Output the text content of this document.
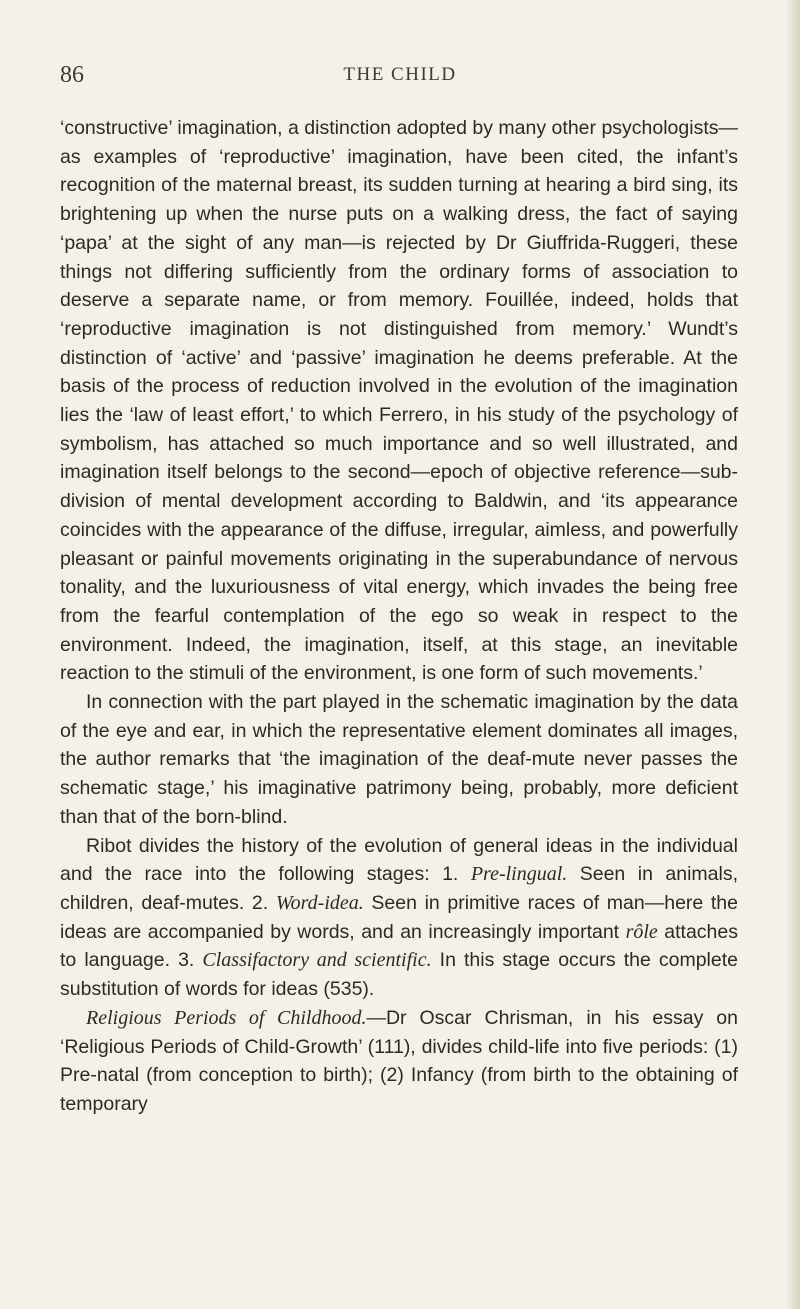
86	THE CHILD

‘constructive’ imagination, a distinction adopted by many other psychologists—as examples of ‘reproductive’ imagination, have been cited, the infant’s recognition of the maternal breast, its sudden turning at hearing a bird sing, its brightening up when the nurse puts on a walking dress, the fact of saying ‘papa’ at the sight of any man—is rejected by Dr Giuffrida-Ruggeri, these things not differing sufficiently from the ordinary forms of association to deserve a separate name, or from memory. Fouillée, indeed, holds that ‘reproductive imagination is not distinguished from memory.’ Wundt’s distinction of ‘active’ and ‘passive’ imagination he deems preferable. At the basis of the process of reduction involved in the evolution of the imagination lies the ‘law of least effort,’ to which Ferrero, in his study of the psychology of symbolism, has attached so much importance and so well illustrated, and imagination itself belongs to the second—epoch of objective reference—sub-division of mental development according to Baldwin, and ‘its appearance coincides with the appearance of the diffuse, irregular, aimless, and powerfully pleasant or painful movements originating in the superabundance of nervous tonality, and the luxuriousness of vital energy, which invades the being free from the fearful contemplation of the ego so weak in respect to the environment. Indeed, the imagination, itself, at this stage, an inevitable reaction to the stimuli of the environment, is one form of such movements.’

In connection with the part played in the schematic imagination by the data of the eye and ear, in which the representative element dominates all images, the author remarks that ‘the imagination of the deaf-mute never passes the schematic stage,’ his imaginative patrimony being, probably, more deficient than that of the born-blind.

Ribot divides the history of the evolution of general ideas in the individual and the race into the following stages: 1. Pre-lingual. Seen in animals, children, deaf-mutes. 2. Word-idea. Seen in primitive races of man—here the ideas are accompanied by words, and an increasingly important rôle attaches to language. 3. Classifactory and scientific. In this stage occurs the complete substitution of words for ideas (535).

Religious Periods of Childhood.—Dr Oscar Chrisman, in his essay on ‘Religious Periods of Child-Growth’ (111), divides child-life into five periods: (1) Pre-natal (from conception to birth); (2) Infancy (from birth to the obtaining of temporary
